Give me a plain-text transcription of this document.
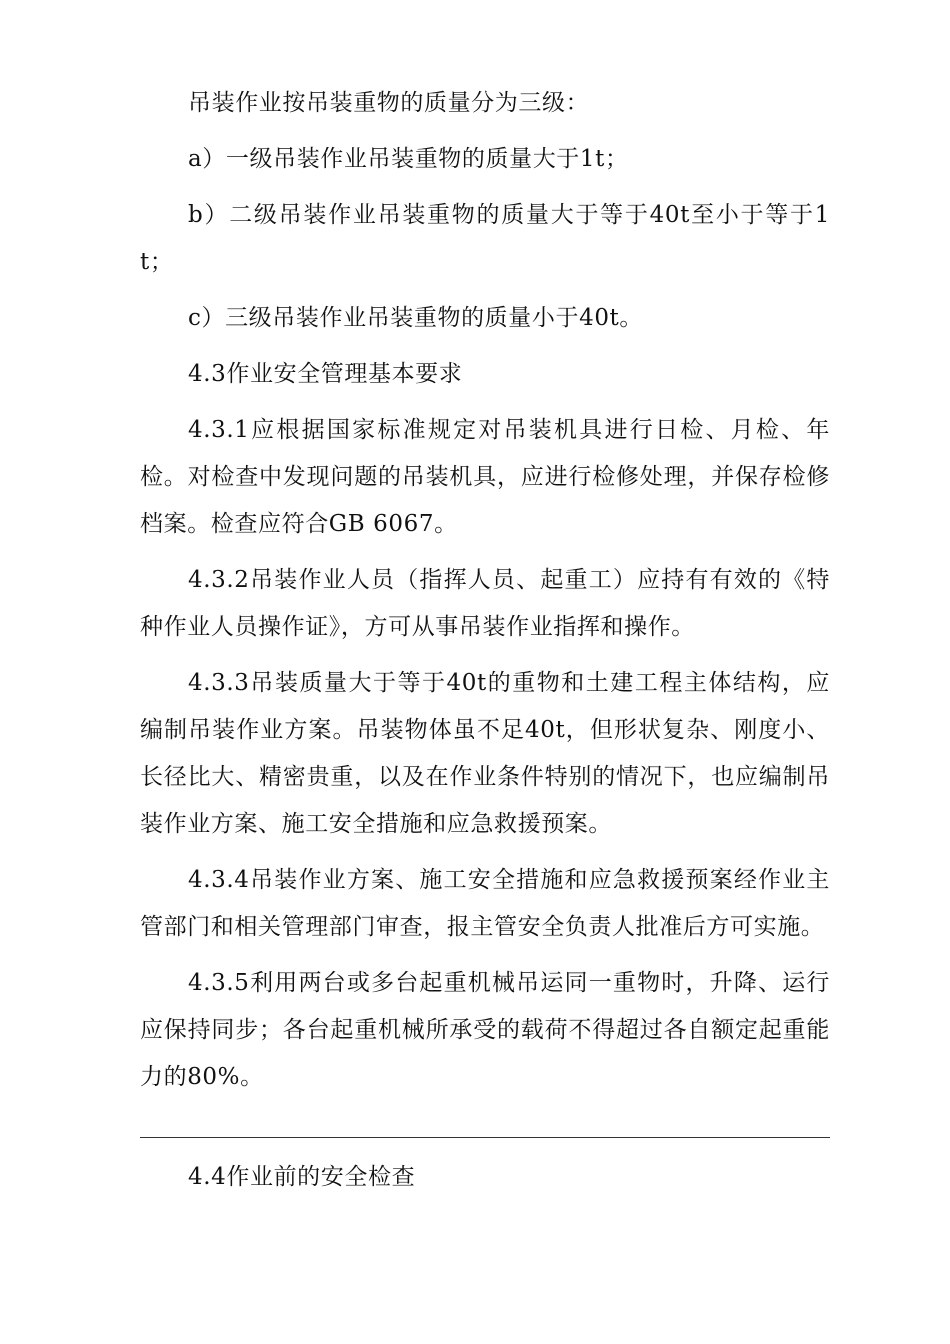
吊装作业按吊装重物的质量分为三级：

a）一级吊装作业吊装重物的质量大于1t；

b）二级吊装作业吊装重物的质量大于等于40t至小于等于1t；

c）三级吊装作业吊装重物的质量小于40t。

4.3作业安全管理基本要求

4.3.1应根据国家标准规定对吊装机具进行日检、月检、年检。对检查中发现问题的吊装机具，应进行检修处理，并保存检修档案。检查应符合GB 6067。

4.3.2吊装作业人员（指挥人员、起重工）应持有有效的《特种作业人员操作证》，方可从事吊装作业指挥和操作。

4.3.3吊装质量大于等于40t的重物和土建工程主体结构，应编制吊装作业方案。吊装物体虽不足40t，但形状复杂、刚度小、长径比大、精密贵重，以及在作业条件特别的情况下，也应编制吊装作业方案、施工安全措施和应急救援预案。

4.3.4吊装作业方案、施工安全措施和应急救援预案经作业主管部门和相关管理部门审查，报主管安全负责人批准后方可实施。

4.3.5利用两台或多台起重机械吊运同一重物时，升降、运行应保持同步；各台起重机械所承受的载荷不得超过各自额定起重能力的80%。

4.4作业前的安全检查
